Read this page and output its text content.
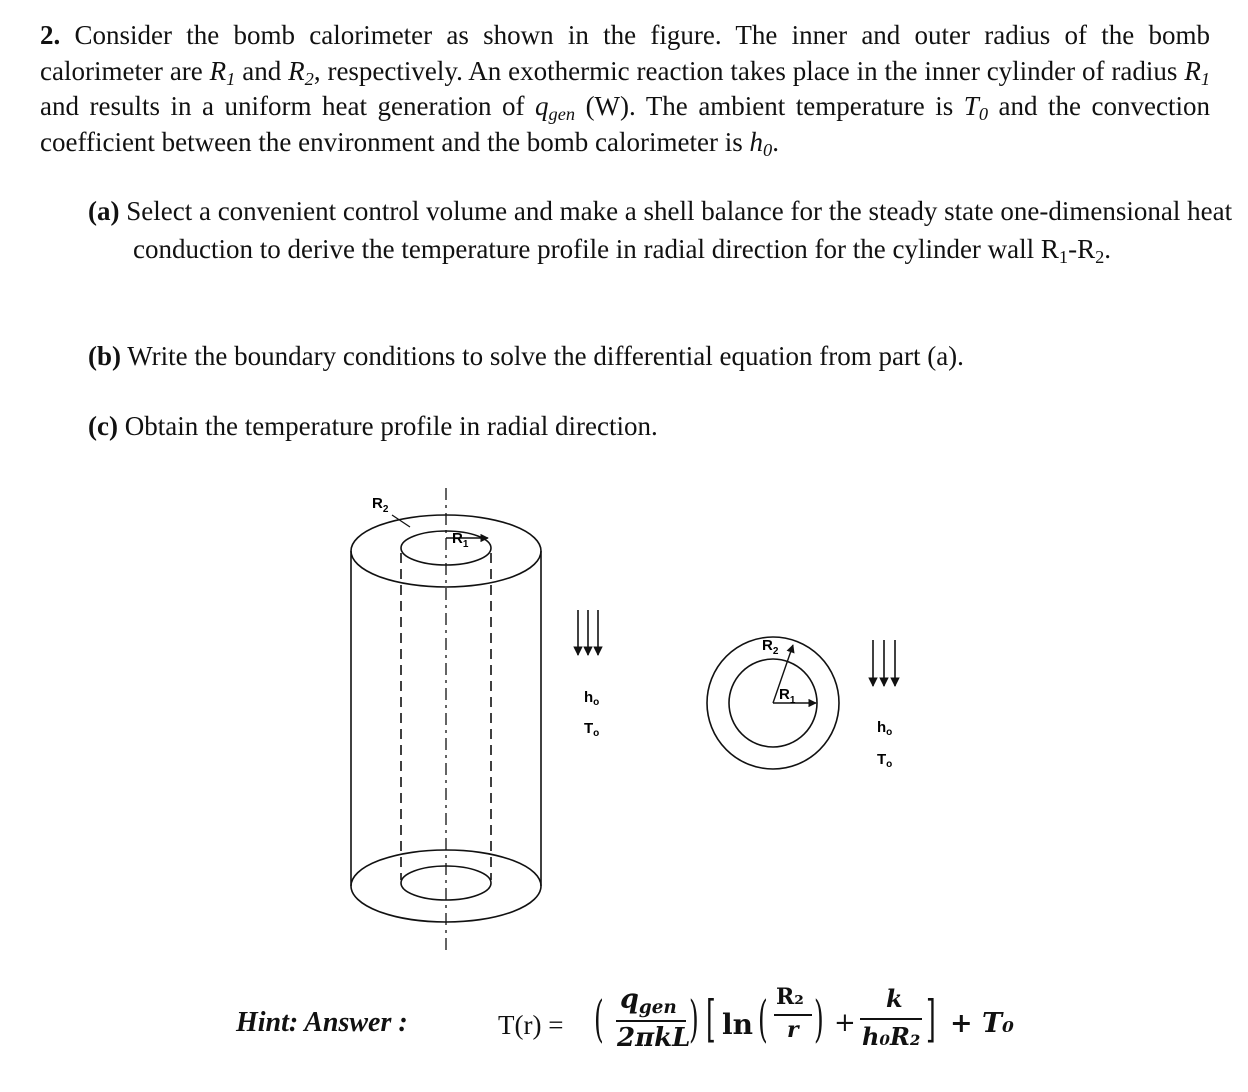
2. Consider the bomb calorimeter as shown in the figure. The inner and outer radius of the bomb calorimeter are $R_1$ and $R_2$, respectively. An exothermic reaction takes place in the inner cylinder of radius $R_1$ and results in a uniform heat generation of $q_{gen}$ (W). The ambient temperature is $T_0$ and the convection coefficient between the environment and the bomb calorimeter is $h_0$.

(a) Select a convenient control volume and make a shell balance for the steady state one-dimensional heat conduction to derive the temperature profile in radial direction for the cylinder wall $R_1-R_2$.

(b) Write the boundary conditions to solve the differential equation from part (a).

(c) Obtain the temperature profile in radial direction.

$R_2$
$R_1$
$R_2$
$R_1$
$h_o$
$T_o$	$h_o$
$T_o$
Hint: Answer :	T(r) = ( $q_{gen}$
2πkL
) [ ln ( R₂
r ) +
k
h₀R₂ ] + T₀
